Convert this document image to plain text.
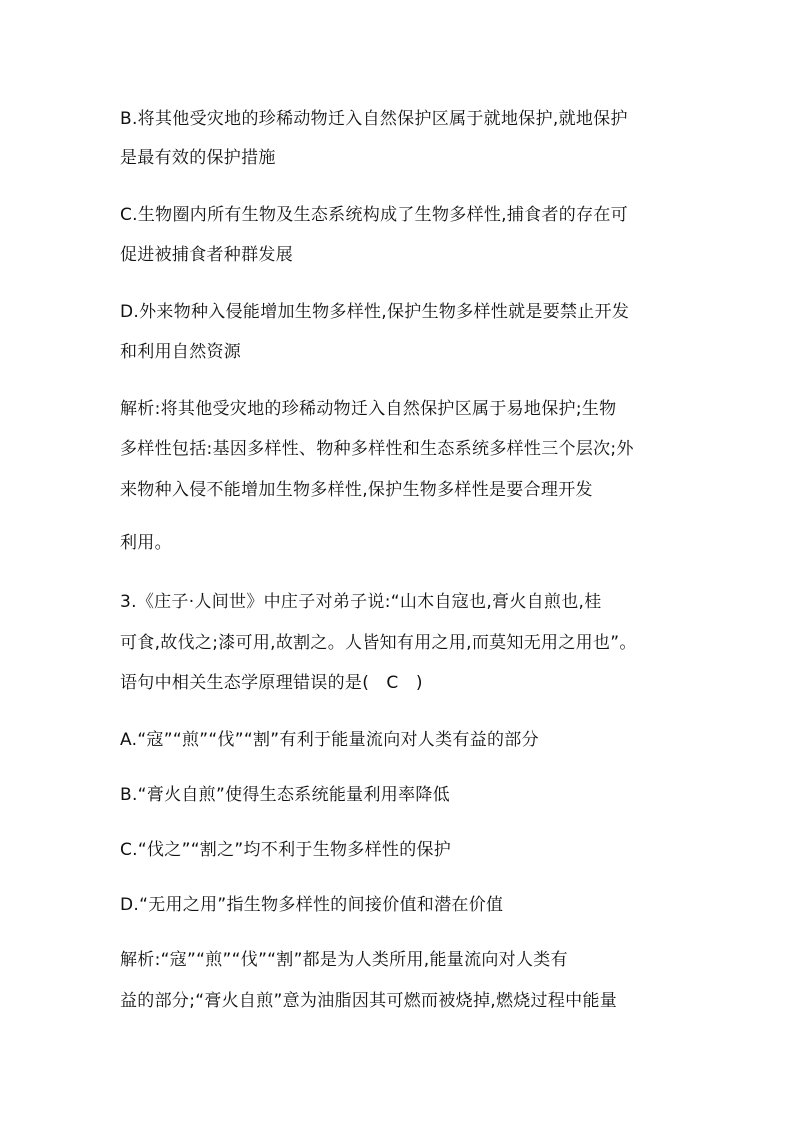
B.将其他受灾地的珍稀动物迁入自然保护区属于就地保护,就地保护
是最有效的保护措施
C.生物圈内所有生物及生态系统构成了生物多样性,捕食者的存在可
促进被捕食者种群发展
D.外来物种入侵能增加生物多样性,保护生物多样性就是要禁止开发
和利用自然资源
解析:将其他受灾地的珍稀动物迁入自然保护区属于易地保护;生物
多样性包括:基因多样性、物种多样性和生态系统多样性三个层次;外
来物种入侵不能增加生物多样性,保护生物多样性是要合理开发
利用。
3.《庄子·人间世》中庄子对弟子说:“山木自寇也,膏火自煎也,桂
可食,故伐之;漆可用,故割之。人皆知有用之用,而莫知无用之用也”。
语句中相关生态学原理错误的是(　C　)
A.“寇”“煎”“伐”“割”有利于能量流向对人类有益的部分
B.“膏火自煎”使得生态系统能量利用率降低
C.“伐之”“割之”均不利于生物多样性的保护
D.“无用之用”指生物多样性的间接价值和潜在价值
解析:“寇”“煎”“伐”“割”都是为人类所用,能量流向对人类有
益的部分;“膏火自煎”意为油脂因其可燃而被烧掉,燃烧过程中能量
